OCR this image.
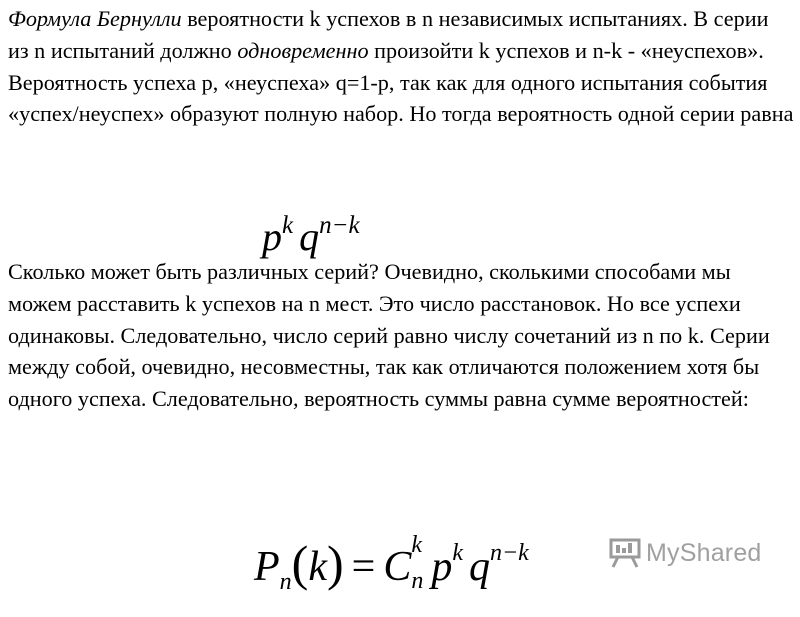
Формула Бернулли вероятности k успехов в n независимых испытаниях. В серии из n испытаний должно одновременно произойти k успехов и n-k - «неуспехов». Вероятность успеха p, «неуспеха» q=1-p, так как для одного испытания события «успех/неуспех» образуют полную набор. Но тогда вероятность одной серии равна

$p^k$ $q^{n-k}$

Сколько может быть различных серий? Очевидно, сколькими способами мы можем расставить k успехов на n мест. Это число расстановок. Но все успехи одинаковы. Следовательно, число серий равно числу сочетаний из n по k. Серии между собой, очевидно, несовместны, так как отличаются положением хотя бы одного успеха. Следовательно, вероятность суммы равна сумме вероятностей:

$P_n(k) = C$ k
n $p^k$ $q^{n-k}$	MyShared
